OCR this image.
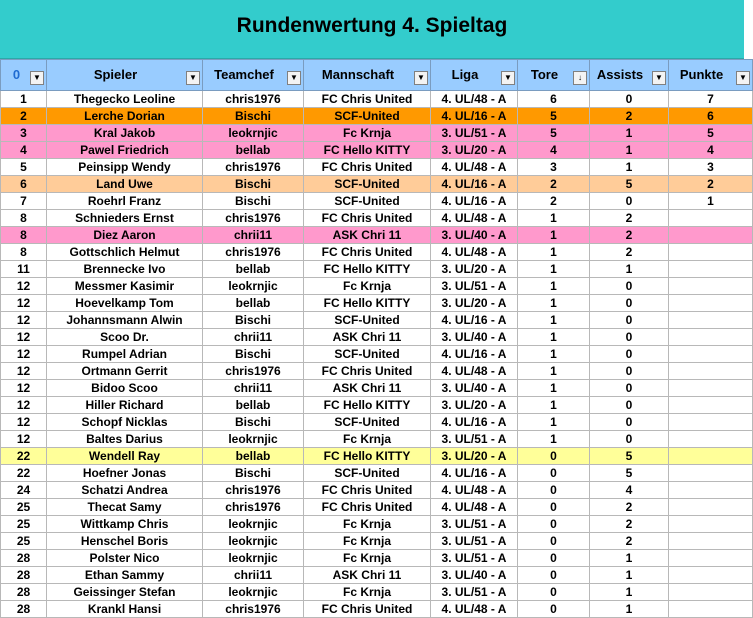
Rundenwertung 4. Spieltag
0 ▼	Spieler ▼	Teamchef ▼	Mannschaft ▼	Liga ▼	Tore ↓	Assists ▼	Punkte ▼

1	Thegecko Leoline	chris1976	FC Chris United	4. UL/48 - A	6	0	7
2	Lerche Dorian	Bischi	SCF-United	4. UL/16 - A	5	2	6
3	Kral Jakob	leokrnjic	Fc Krnja	3. UL/51 - A	5	1	5
4	Pawel Friedrich	bellab	FC Hello KITTY	3. UL/20 - A	4	1	4
5	Peinsipp Wendy	chris1976	FC Chris United	4. UL/48 - A	3	1	3
6	Land Uwe	Bischi	SCF-United	4. UL/16 - A	2	5	2
7	Roehrl Franz	Bischi	SCF-United	4. UL/16 - A	2	0	1
8	Schnieders Ernst	chris1976	FC Chris United	4. UL/48 - A	1	2	
8	Diez Aaron	chrii11	ASK Chri 11	3. UL/40 - A	1	2	
8	Gottschlich Helmut	chris1976	FC Chris United	4. UL/48 - A	1	2	
11	Brennecke Ivo	bellab	FC Hello KITTY	3. UL/20 - A	1	1	
12	Messmer Kasimir	leokrnjic	Fc Krnja	3. UL/51 - A	1	0	
12	Hoevelkamp Tom	bellab	FC Hello KITTY	3. UL/20 - A	1	0	
12	Johannsmann Alwin	Bischi	SCF-United	4. UL/16 - A	1	0	
12	Scoo Dr.	chrii11	ASK Chri 11	3. UL/40 - A	1	0	
12	Rumpel Adrian	Bischi	SCF-United	4. UL/16 - A	1	0	
12	Ortmann Gerrit	chris1976	FC Chris United	4. UL/48 - A	1	0	
12	Bidoo Scoo	chrii11	ASK Chri 11	3. UL/40 - A	1	0	
12	Hiller Richard	bellab	FC Hello KITTY	3. UL/20 - A	1	0	
12	Schopf Nicklas	Bischi	SCF-United	4. UL/16 - A	1	0	
12	Baltes Darius	leokrnjic	Fc Krnja	3. UL/51 - A	1	0	
22	Wendell Ray	bellab	FC Hello KITTY	3. UL/20 - A	0	5	
22	Hoefner Jonas	Bischi	SCF-United	4. UL/16 - A	0	5	
24	Schatzi Andrea	chris1976	FC Chris United	4. UL/48 - A	0	4	
25	Thecat Samy	chris1976	FC Chris United	4. UL/48 - A	0	2	
25	Wittkamp Chris	leokrnjic	Fc Krnja	3. UL/51 - A	0	2	
25	Henschel Boris	leokrnjic	Fc Krnja	3. UL/51 - A	0	2	
28	Polster Nico	leokrnjic	Fc Krnja	3. UL/51 - A	0	1	
28	Ethan Sammy	chrii11	ASK Chri 11	3. UL/40 - A	0	1	
28	Geissinger Stefan	leokrnjic	Fc Krnja	3. UL/51 - A	0	1	
28	Krankl Hansi	chris1976	FC Chris United	4. UL/48 - A	0	1	
